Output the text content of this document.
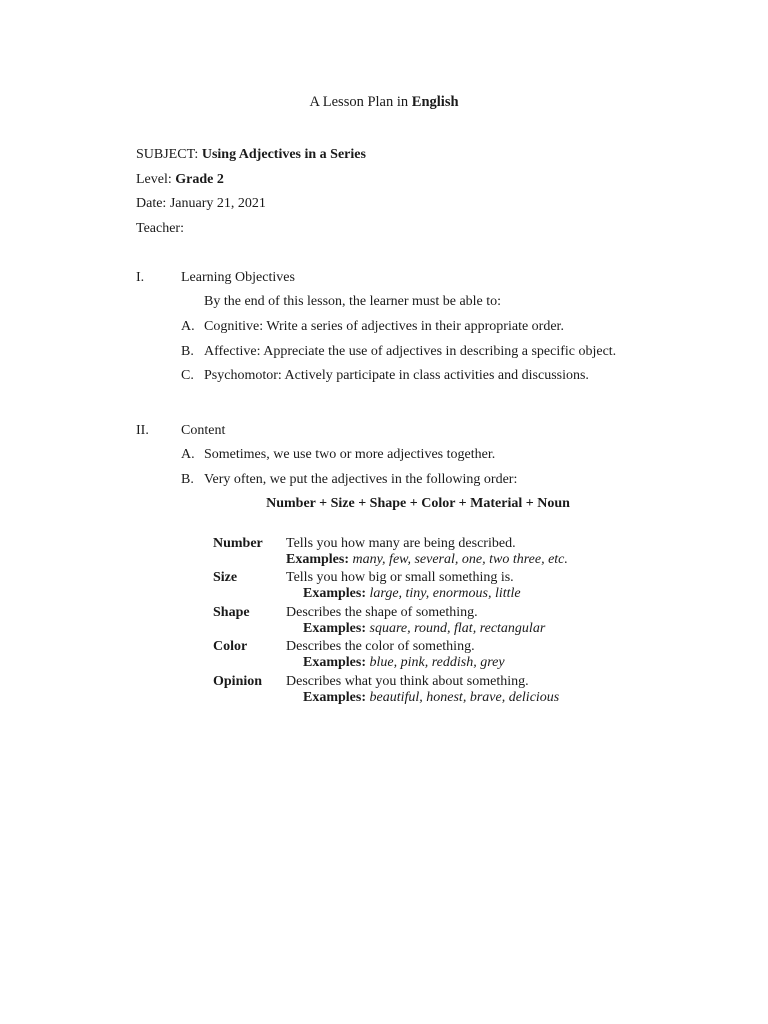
A Lesson Plan in English
SUBJECT: Using Adjectives in a Series
Level: Grade 2
Date: January 21, 2021
Teacher:
I.	Learning Objectives
By the end of this lesson, the learner must be able to:
A. Cognitive: Write a series of adjectives in their appropriate order.
B. Affective: Appreciate the use of adjectives in describing a specific object.
C. Psychomotor: Actively participate in class activities and discussions.
II. Content
A. Sometimes, we use two or more adjectives together.
B. Very often, we put the adjectives in the following order:
Number + Size + Shape + Color + Material + Noun
Number Tells you how many are being described.
Examples: many, few, several, one, two three, etc.
Size	Tells you how big or small something is.
Examples: large, tiny, enormous, little
Shape	Describes the shape of something.
Examples: square, round, flat, rectangular
Color	Describes the color of something.
Examples: blue, pink, reddish, grey
Opinion Describes what you think about something.
Examples: beautiful, honest, brave, delicious
